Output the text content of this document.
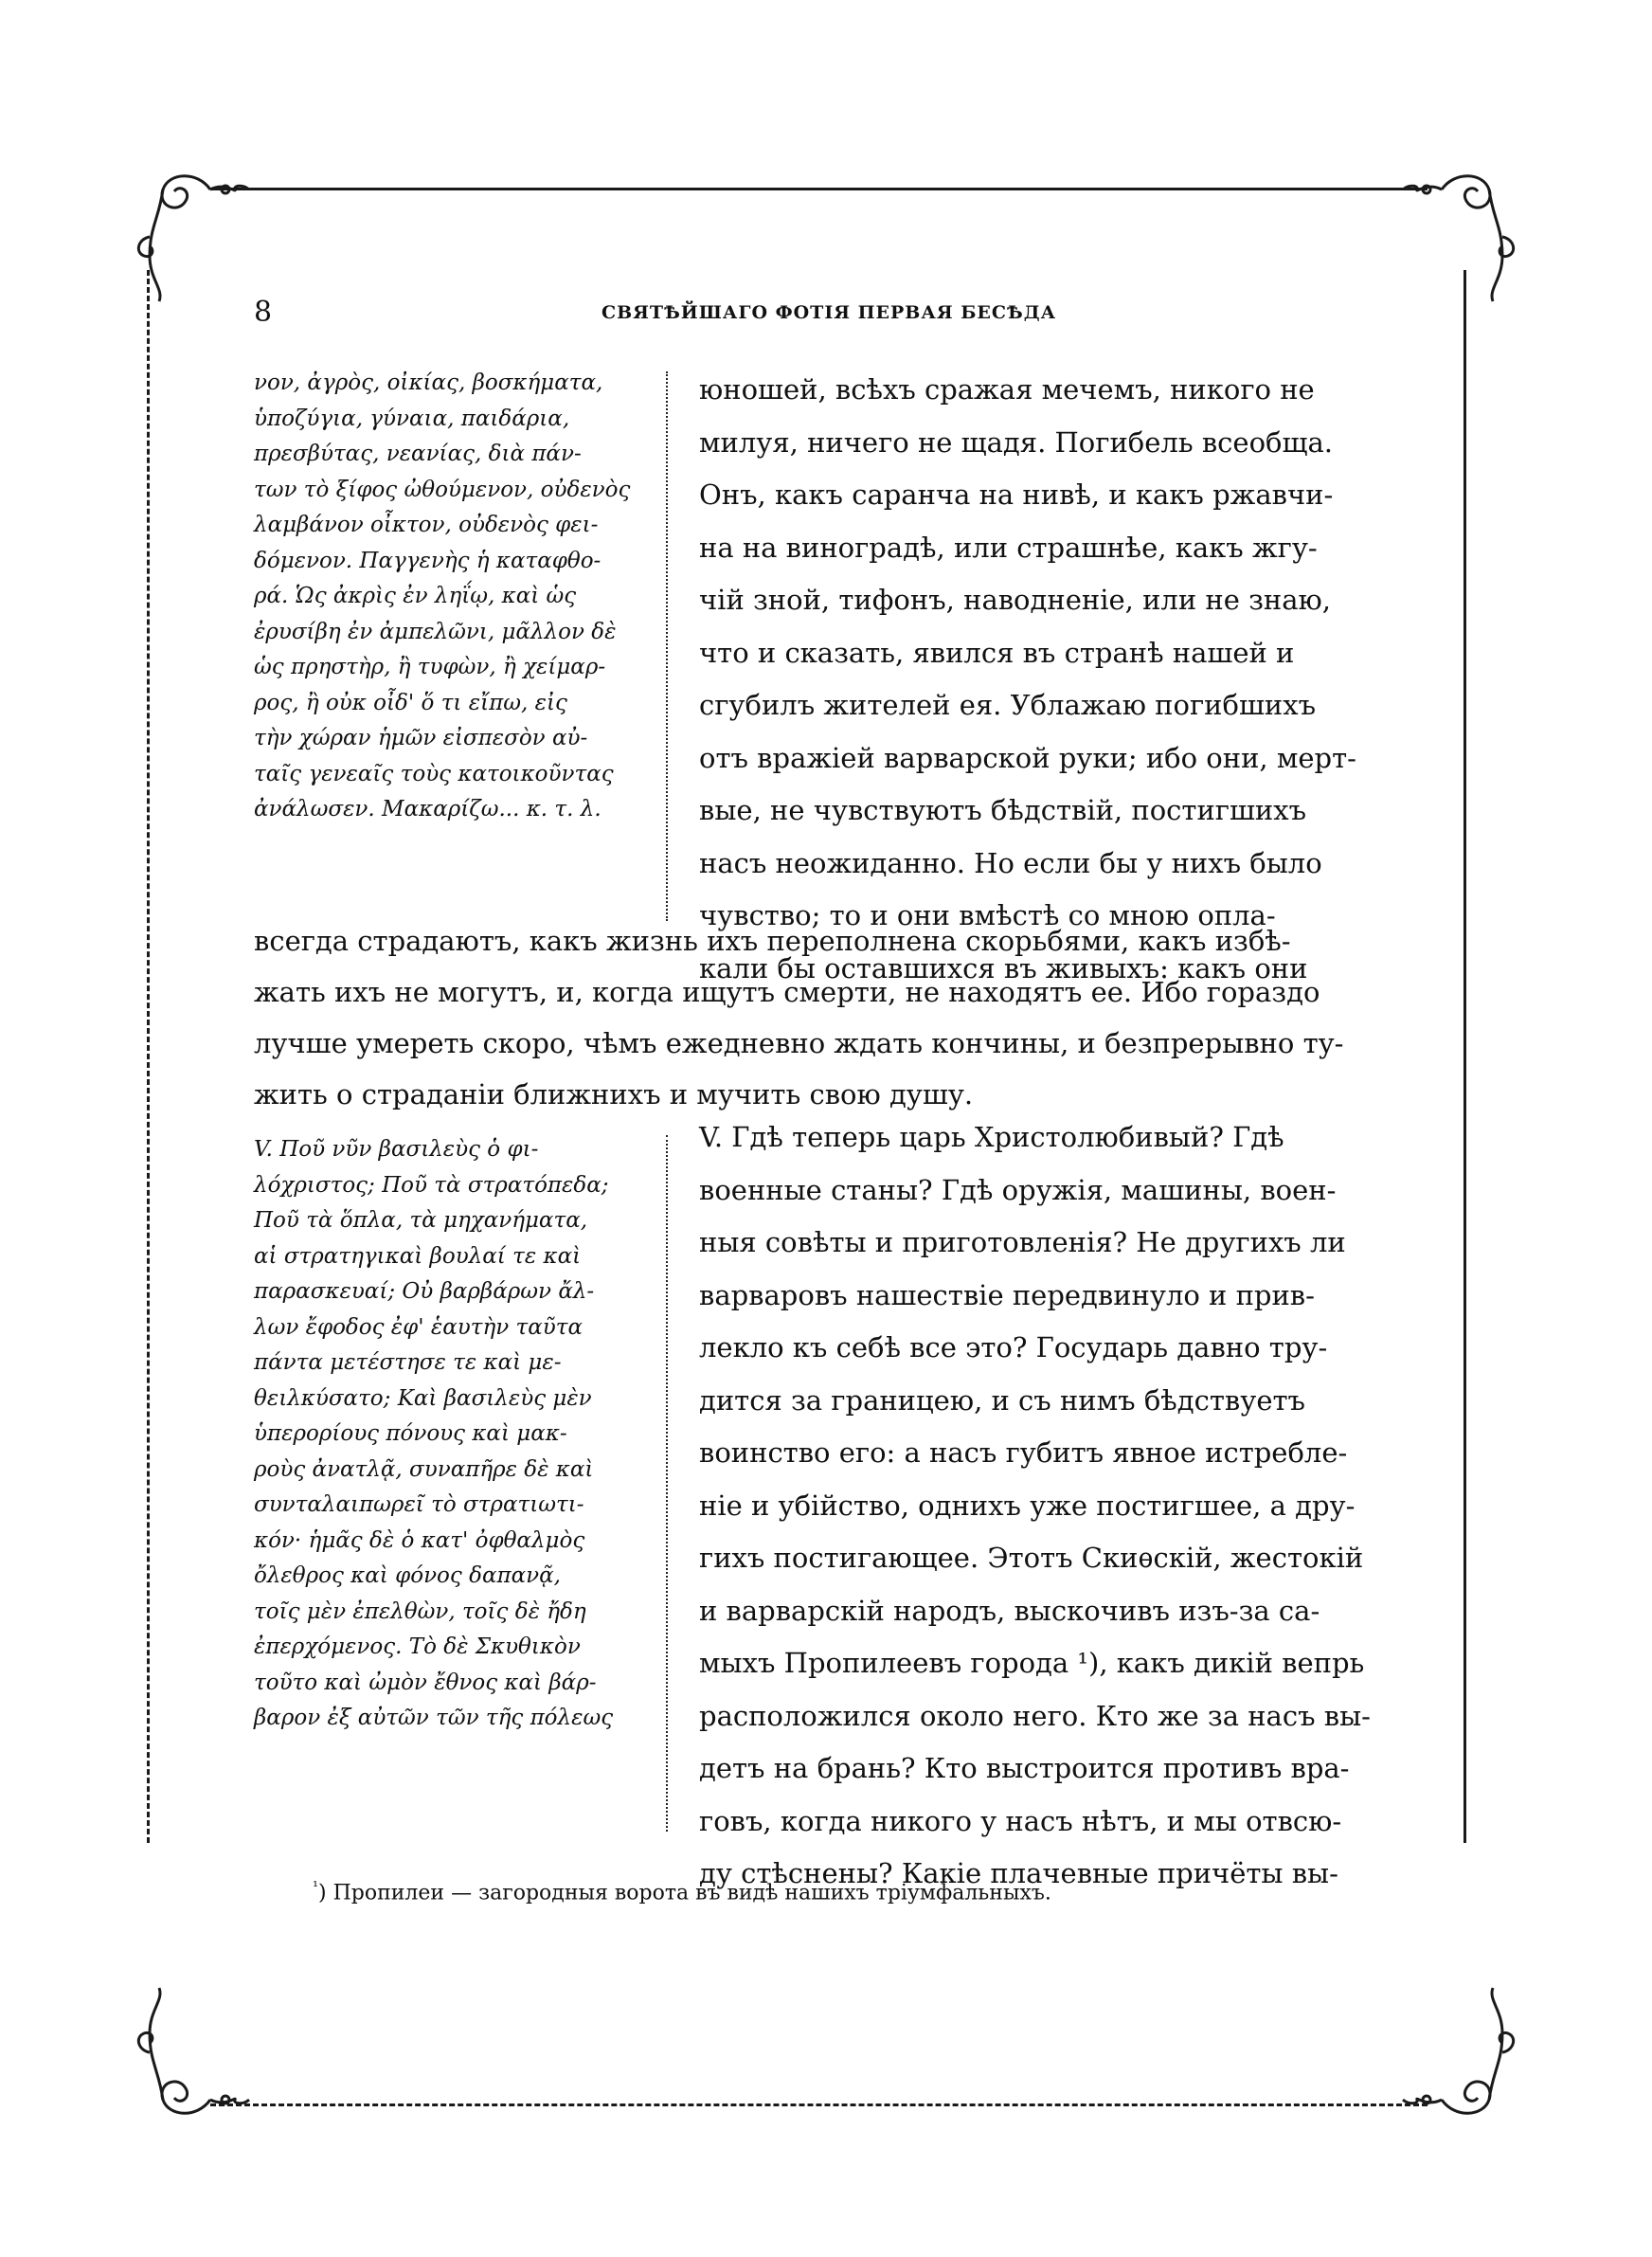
8	СВЯТѢЙШАГО ФОТІЯ ПЕРВАЯ БЕСѢДА
νον, ἀγρὸς, οἰκίας, βοσκήματα,
ὑποζύγια, γύναια, παιδάρια,
πρεσβύτας, νεανίας, διὰ πάν-
των τὸ ξίφος ὠθούμενον, οὐδενὸς
λαμβάνον οἶκτον, οὐδενὸς φει-
δόμενον. Παγγενὴς ἡ καταφθο-
ρά. Ὡς ἀκρὶς ἐν ληΐῳ, καὶ ὡς
ἐρυσίβη ἐν ἀμπελῶνι, μᾶλλον δὲ
ὡς πρηστὴρ, ἢ τυφὼν, ἢ χείμαρ-
ρος, ἢ οὐκ οἶδ' ὅ τι εἴπω, εἰς
τὴν χώραν ἡμῶν εἰσπεσὸν αὐ-
ταῖς γενεαῖς τοὺς κατοικοῦντας
ἀνάλωσεν. Μακαρίζω... κ. τ. λ.
юношей, всѣхъ сражая мечемъ, никого не
милуя, ничего не щадя. Погибель всеобща.
Онъ, какъ саранча на нивѣ, и какъ ржавчи-
на на виноградѣ, или страшнѣе, какъ жгу-
чій зной, тифонъ, наводненіе, или не знаю,
что и сказать, явился въ странѣ нашей и
сгубилъ жителей ея. Ублажаю погибшихъ
отъ вражіей варварской руки; ибо они, мерт-
вые, не чувствуютъ бѣдствій, постигшихъ
насъ неожиданно. Но если бы у нихъ было
чувство; то и они вмѣстѣ со мною опла-
кали бы оставшихся въ живыхъ: какъ они
всегда страдаютъ, какъ жизнь ихъ переполнена скорьбями, какъ избѣ-
жать ихъ не могутъ, и, когда ищутъ смерти, не находятъ ее. Ибо гораздо
лучше умереть скоро, чѣмъ ежедневно ждать кончины, и безпрерывно ту-
жить о страданіи ближнихъ и мучить свою душу.
V. Ποῦ νῦν βασιλεὺς ὁ φι-
λόχριστος; Ποῦ τὰ στρατόπεδα;
Ποῦ τὰ ὅπλα, τὰ μηχανήματα,
αἱ στρατηγικαὶ βουλαί τε καὶ
παρασκευαί; Οὐ βαρβάρων ἄλ-
λων ἔφοδος ἐφ' ἑαυτὴν ταῦτα
πάντα μετέστησε τε καὶ με-
θειλκύσατο; Καὶ βασιλεὺς μὲν
ὑπερορίους πόνους καὶ μακ-
ροὺς ἀνατλᾷ, συναπῆρε δὲ καὶ
συνταλαιπωρεῖ τὸ στρατιωτι-
κόν· ἡμᾶς δὲ ὁ κατ' ὀφθαλμὸς
ὄλεθρος καὶ φόνος δαπανᾷ,
τοῖς μὲν ἐπελθὼν, τοῖς δὲ ἤδη
ἐπερχόμενος. Τὸ δὲ Σκυθικὸν
τοῦτο καὶ ὠμὸν ἔθνος καὶ βάρ-
βαρον ἐξ αὐτῶν τῶν τῆς πόλεως
V. Гдѣ теперь царь Христолюбивый? Гдѣ
военные станы? Гдѣ оружія, машины, воен-
ныя совѣты и приготовленія? Не другихъ ли
варваровъ нашествіе передвинуло и прив-
лекло къ себѣ все это? Государь давно тру-
дится за границею, и съ нимъ бѣдствуетъ
воинство его: а насъ губитъ явное истребле-
ніе и убійство, однихъ уже постигшее, а дру-
гихъ постигающее. Этотъ Скиѳскій, жестокій
и варварскій народъ, выскочивъ изъ-за са-
мыхъ Пропилеевъ города ¹), какъ дикій вепрь
расположился около него. Кто же за насъ вы-
детъ на брань? Кто выстроится противъ вра-
говъ, когда никого у насъ нѣтъ, и мы отвсю-
ду стѣснены? Какіе плачевные причёты вы-
$^{^1}$) Пропилеи — загородныя ворота въ видѣ нашихъ тріумфальныхъ.
